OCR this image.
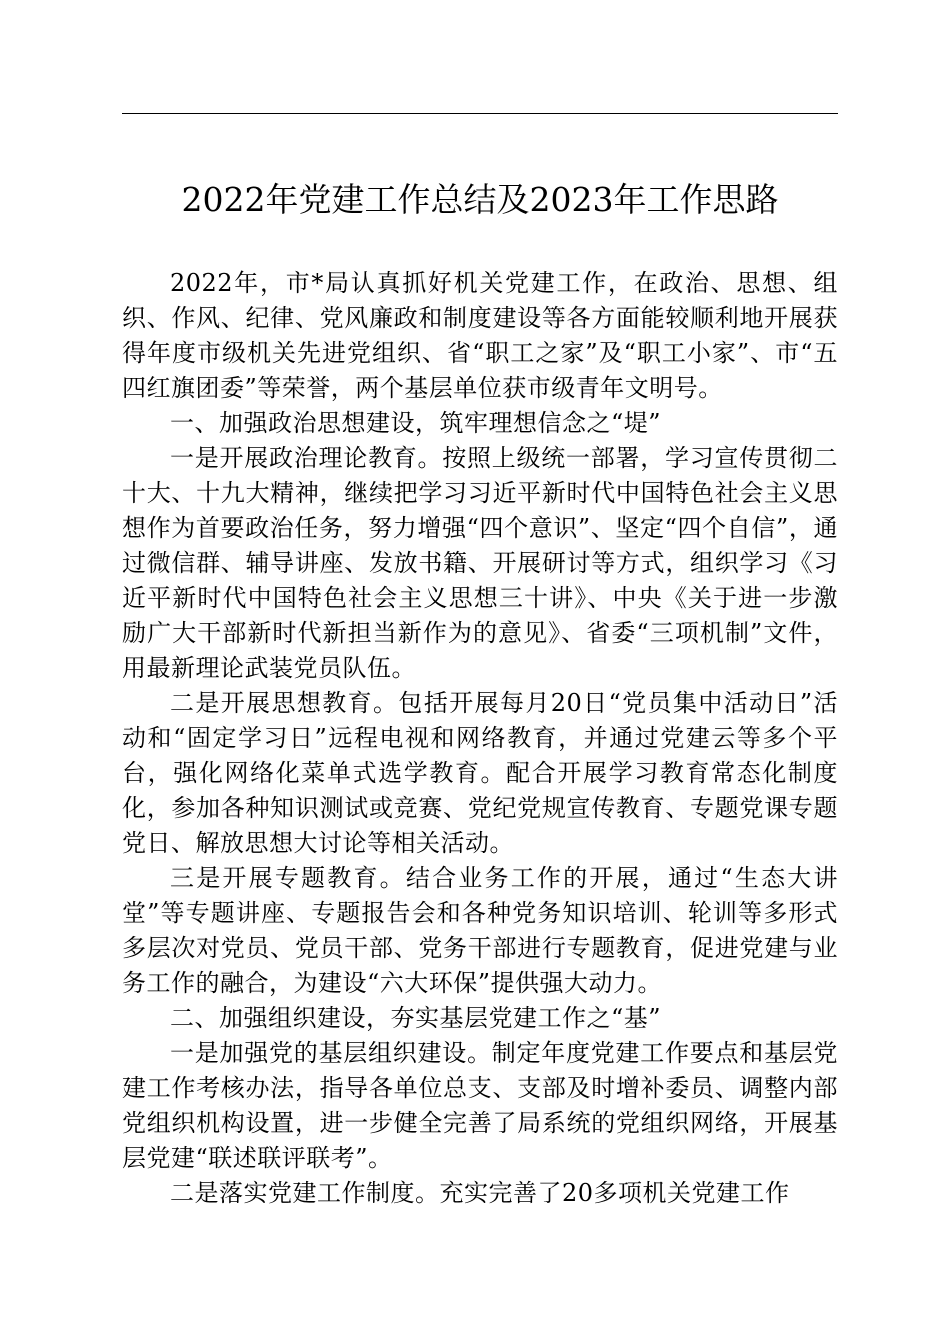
2022年党建工作总结及2023年工作思路

2022年，市*局认真抓好机关党建工作，在政治、思想、组织、作风、纪律、党风廉政和制度建设等各方面能较顺利地开展获得年度市级机关先进党组织、省“职工之家”及“职工小家”、市“五四红旗团委”等荣誉，两个基层单位获市级青年文明号。

一、加强政治思想建设，筑牢理想信念之“堤”

一是开展政治理论教育。按照上级统一部署，学习宣传贯彻二十大、十九大精神，继续把学习习近平新时代中国特色社会主义思想作为首要政治任务，努力增强“四个意识”、坚定“四个自信”，通过微信群、辅导讲座、发放书籍、开展研讨等方式，组织学习《习近平新时代中国特色社会主义思想三十讲》、中央《关于进一步激励广大干部新时代新担当新作为的意见》、省委“三项机制”文件，用最新理论武装党员队伍。

二是开展思想教育。包括开展每月20日“党员集中活动日”活动和“固定学习日”远程电视和网络教育，并通过党建云等多个平台，强化网络化菜单式选学教育。配合开展学习教育常态化制度化，参加各种知识测试或竞赛、党纪党规宣传教育、专题党课专题党日、解放思想大讨论等相关活动。

三是开展专题教育。结合业务工作的开展，通过“生态大讲堂”等专题讲座、专题报告会和各种党务知识培训、轮训等多形式多层次对党员、党员干部、党务干部进行专题教育，促进党建与业务工作的融合，为建设“六大环保”提供强大动力。

二、加强组织建设，夯实基层党建工作之“基”

一是加强党的基层组织建设。制定年度党建工作要点和基层党建工作考核办法，指导各单位总支、支部及时增补委员、调整内部党组织机构设置，进一步健全完善了局系统的党组织网络，开展基层党建“联述联评联考”。

二是落实党建工作制度。充实完善了20多项机关党建工作
